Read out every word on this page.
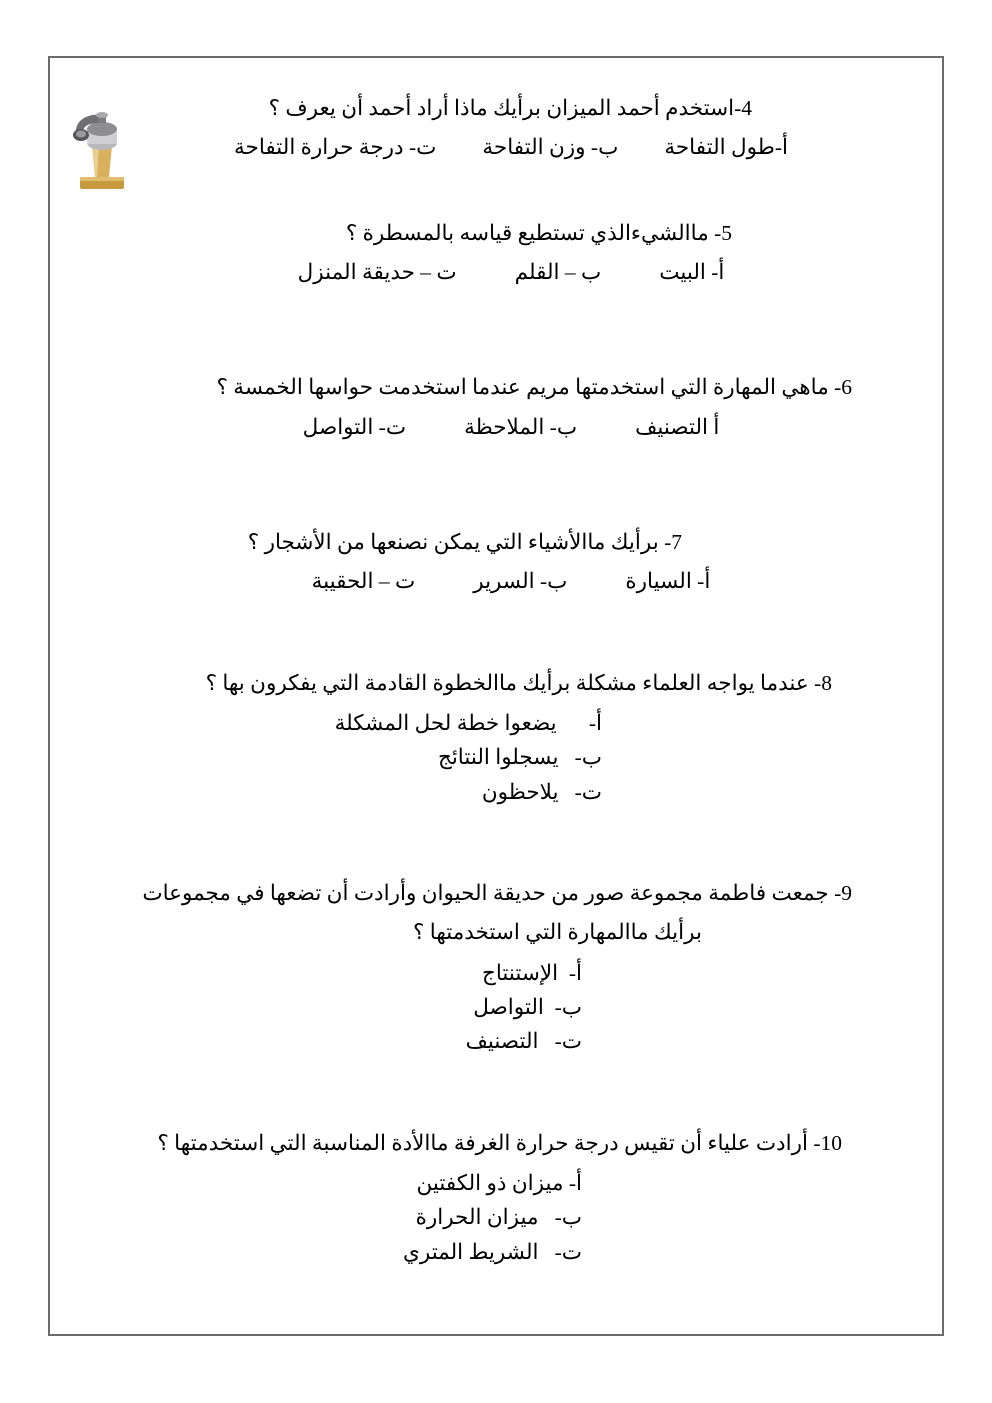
4-استخدم أحمد الميزان برأيك ماذا أراد أحمد أن يعرف ؟

أ-طول التفاحةب- وزن التفاحةت- درجة حرارة التفاحة

5- ماالشيءالذي تستطيع قياسه بالمسطرة ؟

أ- البيتب – القلمت – حديقة المنزل

6- ماهي المهارة التي استخدمتها مريم عندما استخدمت حواسها الخمسة ؟

أ التصنيفب- الملاحظةت- التواصل

7- برأيك ماالأشياء التي يمكن نصنعها من الأشجار ؟

أ- السيارةب- السريرت – الحقيبة

8- عندما يواجه العلماء مشكلة برأيك ماالخطوة القادمة التي يفكرون بها ؟

أ-      يضعوا خطة لحل المشكلة
ب-   يسجلوا النتائج
ت-   يلاحظون

9- جمعت فاطمة مجموعة صور من حديقة الحيوان وأرادت أن تضعها في مجموعات

برأيك ماالمهارة التي استخدمتها ؟

أ-  الإستنتاج
ب-  التواصل
ت-   التصنيف

10- أرادت علياء أن تقيس درجة حرارة الغرفة ماالأدة المناسبة التي استخدمتها ؟

أ- ميزان ذو الكفتين
ب-   ميزان الحرارة
ت-   الشريط المتري
